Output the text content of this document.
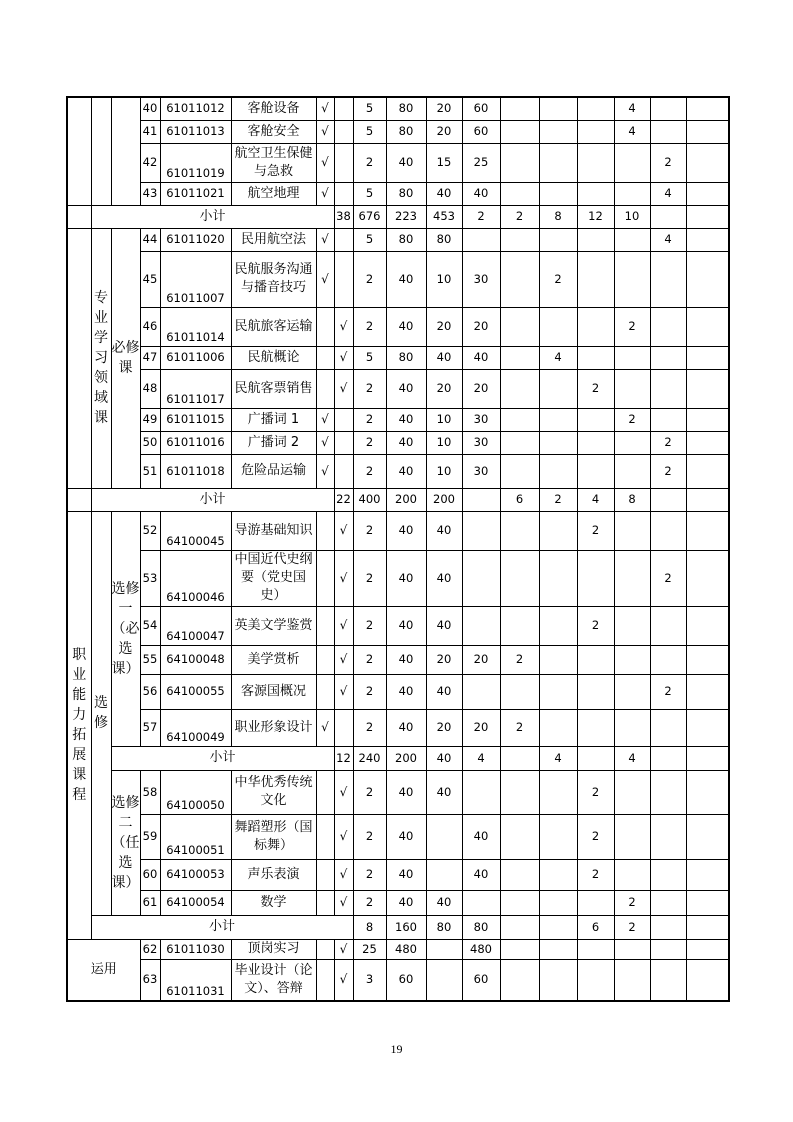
			40	61011012	客舱设备	√		5	80	20	60				4		
			41	61011013	客舱安全	√		5	80	20	60				4		
			42	61011019	航空卫生保健与急救	√		2	40	15	25					2	
			43	61011021	航空地理	√		5	80	40	40					4	
	小计						38	676	223	453	2	2	8	12	10		
	专业学习领域课	必修课	44	61011020	民用航空法	√		5	80	80						4	
			45	61011007	民航服务沟通与播音技巧	√		2	40	10	30		2				
			46	61011014	民航旅客运输		√	2	40	20	20				2		
			47	61011006	民航概论		√	5	80	40	40		4				
			48	61011017	民航客票销售		√	2	40	20	20			2			
			49	61011015	广播词 1	√		2	40	10	30				2		
			50	61011016	广播词 2	√		2	40	10	30					2	
			51	61011018	危险品运输	√		2	40	10	30					2	
	小计						22	400	200	200		6	2	4	8		
职业能力拓展课程	选修	选修一（必选课）	52	64100045	导游基础知识		√	2	40	40				2			
			53	64100046	中国近代史纲要（党史国史）		√	2	40	40						2	
			54	64100047	英美文学鉴赏		√	2	40	40				2			
			55	64100048	美学赏析		√	2	40	20	20	2					
			56	64100055	客源国概况		√	2	40	40						2	
			57	64100049	职业形象设计	√		2	40	20	20	2					
		小计					12	240	200	40	4		4		4		
		选修二（任选课）	58	64100050	中华优秀传统文化		√	2	40	40				2			
			59	64100051	舞蹈塑形（国标舞）		√	2	40		40			2			
			60	64100053	声乐表演		√	2	40		40			2			
			61	64100054	数学		√	2	40	40					2		
	小计							8	160	80	80			6	2		
运用			62	61011030	顶岗实习		√	25	480		480						
			63	61011031	毕业设计（论文）、答辩		√	3	60		60						
19
